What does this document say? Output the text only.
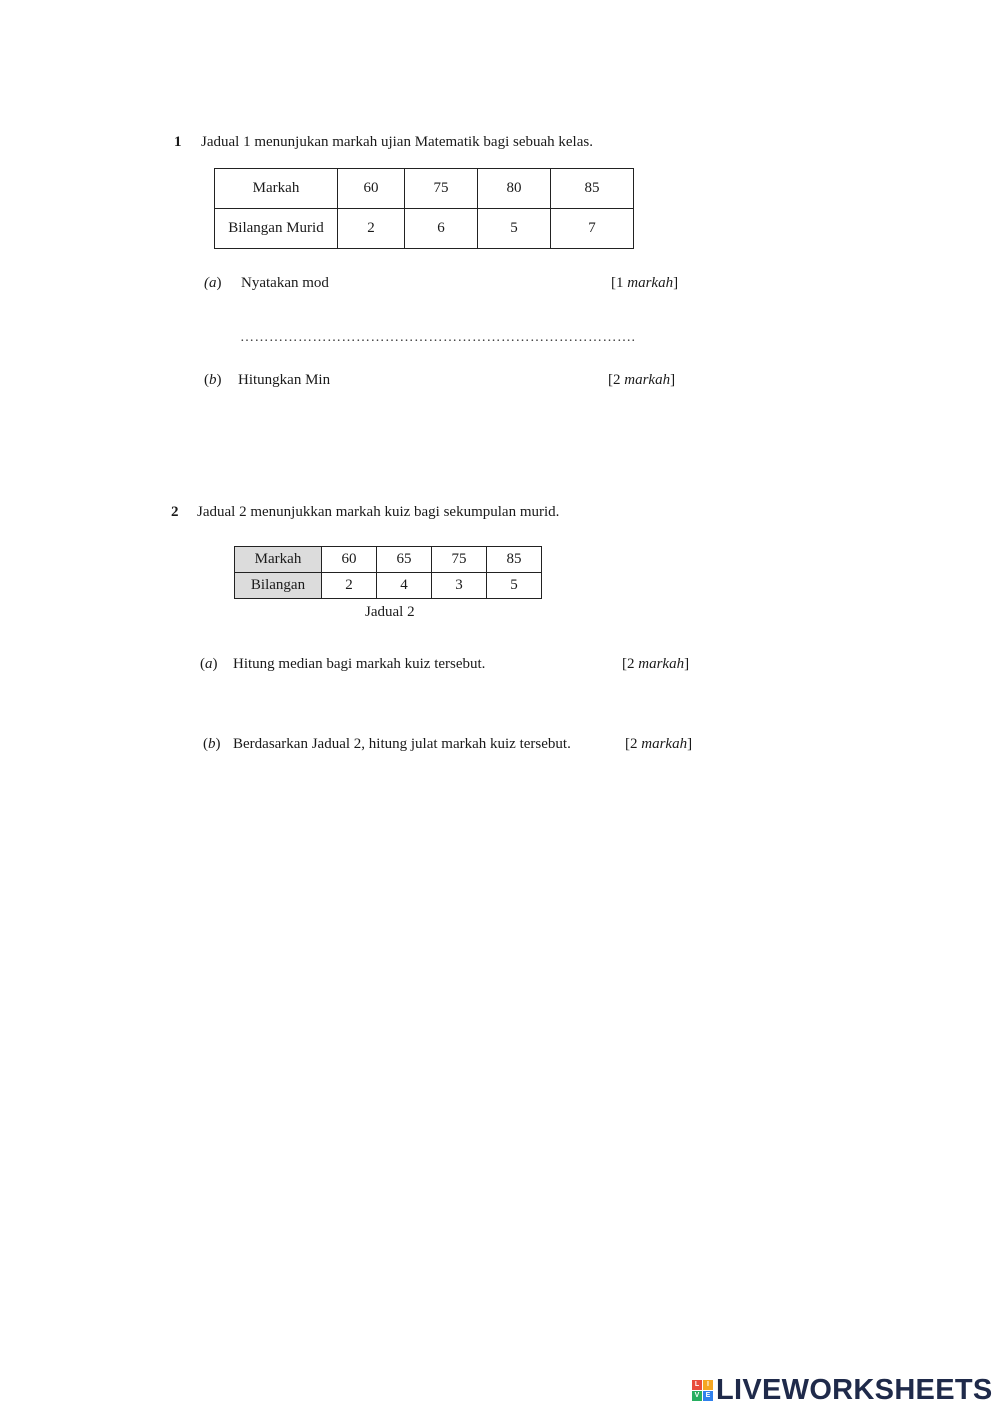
1 Jadual 1 menunjukan markah ujian Matematik bagi sebuah kelas.
Markah	60	75	80	85
Bilangan Murid	2	6	5	7
(a) Nyatakan mod	[1 markah]
……………………………………………………………………….
(b) Hitungkan Min	[2 markah]
2 Jadual 2 menunjukkan markah kuiz bagi sekumpulan murid.
Markah	60	65	75	85
Bilangan	2	4	3	5
Jadual 2
(a) Hitung median bagi markah kuiz tersebut.	[2 markah]
(b) Berdasarkan Jadual 2, hitung julat markah kuiz tersebut.	[2 markah]
L	I
V E LIVEWORKSHEETS
